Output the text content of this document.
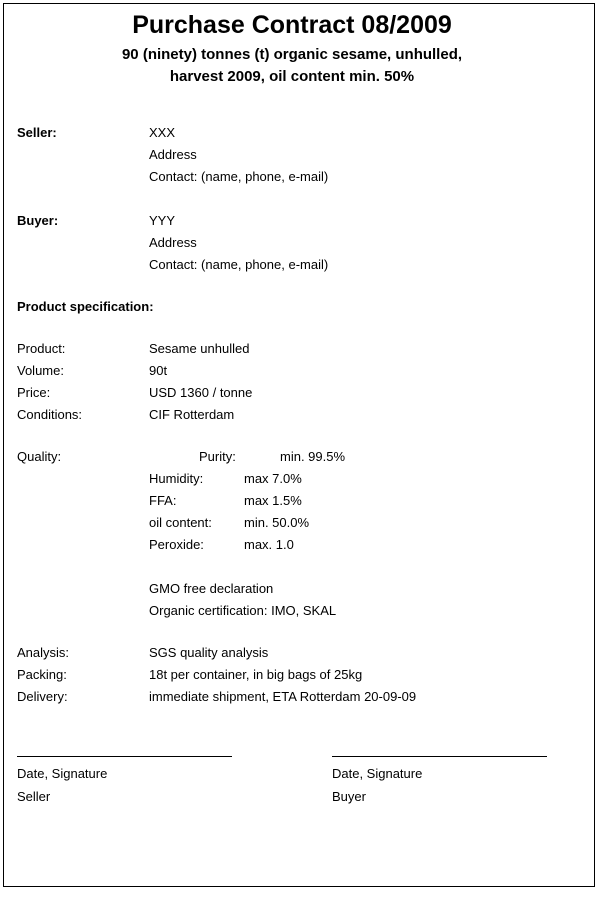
Purchase Contract 08/2009
90 (ninety) tonnes (t) organic sesame, unhulled,
harvest 2009, oil content min. 50%
Seller:	XXX
Address
Contact: (name, phone, e-mail)
Buyer:	YYY
Address
Contact: (name, phone, e-mail)
Product specification:
Product:	Sesame unhulled
Volume:	90t
Price:	USD 1360 / tonne
Conditions:	CIF Rotterdam
Quality:	Purity:	min. 99.5%
Humidity:	max 7.0%
FFA:	max 1.5%
oil content:	min. 50.0%
Peroxide:	max. 1.0
GMO free declaration
Organic certification: IMO, SKAL
Analysis:	SGS quality analysis
Packing:	18t per container, in big bags of 25kg
Delivery:	immediate shipment, ETA Rotterdam 20-09-09
Date, Signature
Seller
Date, Signature
Buyer
